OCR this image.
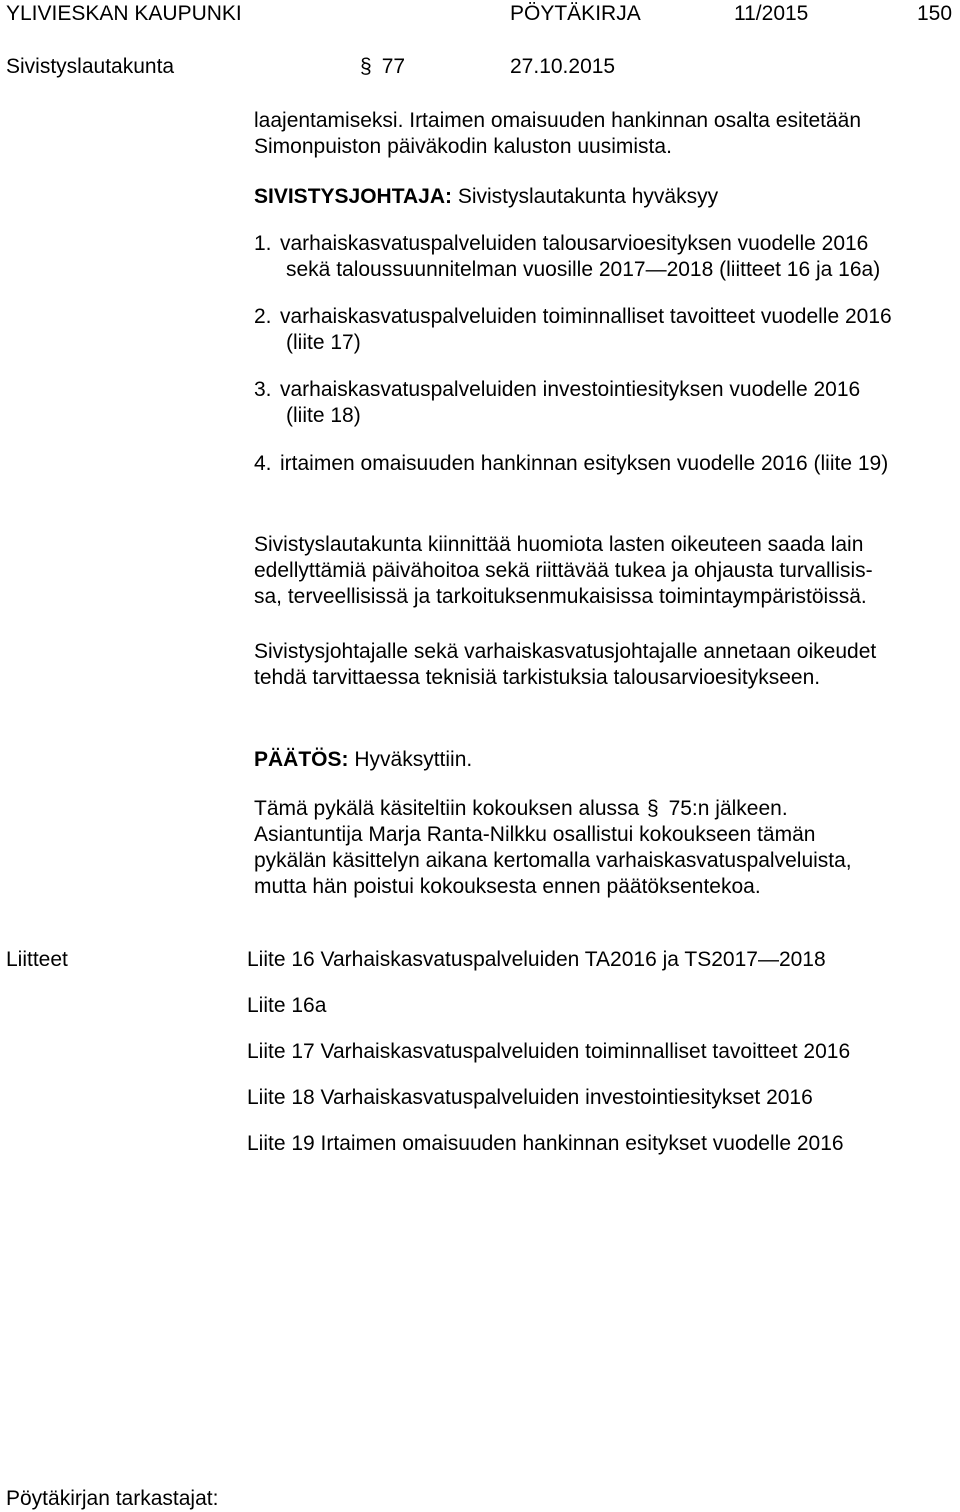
YLIVIESKAN KAUPUNKI	PÖYTÄKIRJA	11/2015	150
Sivistyslautakunta	§ 77	27.10.2015
laajentamiseksi. Irtaimen omaisuuden hankinnan osalta esitetään
Simonpuiston päiväkodin kaluston uusimista.
SIVISTYSJOHTAJA: Sivistyslautakunta hyväksyy
1. varhaiskasvatuspalveluiden talousarvioesityksen vuodelle 2016
sekä taloussuunnitelman vuosille 2017—2018 (liitteet 16 ja 16a)
2. varhaiskasvatuspalveluiden toiminnalliset tavoitteet vuodelle 2016
(liite 17)
3. varhaiskasvatuspalveluiden investointiesityksen vuodelle 2016
(liite 18)
4. irtaimen omaisuuden hankinnan esityksen vuodelle 2016 (liite 19)
Sivistyslautakunta kiinnittää huomiota lasten oikeuteen saada lain
edellyttämiä päivähoitoa sekä riittävää tukea ja ohjausta turvallisis-
sa, terveellisissä ja tarkoituksenmukaisissa toimintaympäristöissä.
Sivistysjohtajalle sekä varhaiskasvatusjohtajalle annetaan oikeudet
tehdä tarvittaessa teknisiä tarkistuksia talousarvioesitykseen.
PÄÄTÖS: Hyväksyttiin.
Tämä pykälä käsiteltiin kokouksen alussa § 75:n jälkeen.
Asiantuntija Marja Ranta-Nilkku osallistui kokoukseen tämän
pykälän käsittelyn aikana kertomalla varhaiskasvatuspalveluista,
mutta hän poistui kokouksesta ennen päätöksentekoa.
Liitteet	Liite 16 Varhaiskasvatuspalveluiden TA2016 ja TS2017—2018
Liite 16a
Liite 17 Varhaiskasvatuspalveluiden toiminnalliset tavoitteet 2016
Liite 18 Varhaiskasvatuspalveluiden investointiesitykset 2016
Liite 19 Irtaimen omaisuuden hankinnan esitykset vuodelle 2016
Pöytäkirjan tarkastajat:
